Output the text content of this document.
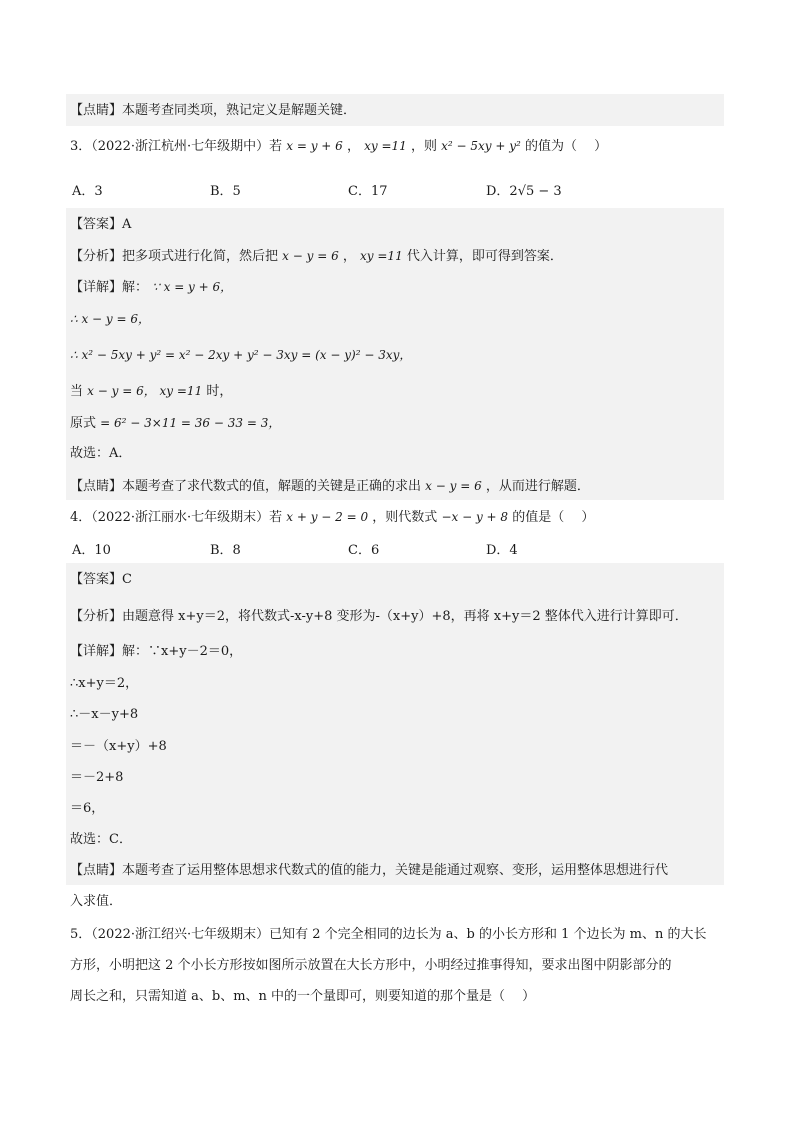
【点睛】本题考查同类项，熟记定义是解题关键．
3．（2022·浙江杭州·七年级期中）若 x = y + 6 ， xy =11 ，则 x² − 5xy + y² 的值为（　 ）
A．3	B．5	C．17	D．2√5 − 3
【答案】A
【分析】把多项式进行化简，然后把 x − y = 6 ， xy =11 代入计算，即可得到答案．
【详解】解： ∵ x = y + 6，
∴ x − y = 6，
∴ x² − 5xy + y² = x² − 2xy + y² − 3xy = (x − y)² − 3xy，
当 x − y = 6， xy =11 时，
原式 = 6² − 3×11 = 36 − 33 = 3，
故选：A．
【点睛】本题考查了求代数式的值，解题的关键是正确的求出 x − y = 6 ，从而进行解题．
4．（2022·浙江丽水·七年级期末）若 x + y − 2 = 0 ，则代数式 −x − y + 8 的值是（　 ）
A．10	B．8	C．6	D．4
【答案】C
【分析】由题意得 x+y＝2，将代数式-x-y+8 变形为-（x+y）+8，再将 x+y＝2 整体代入进行计算即可．
【详解】解：∵x+y－2＝0，
∴x+y＝2，
∴－x－y+8
＝－（x+y）+8
＝－2+8
＝6，
故选：C．
【点睛】本题考查了运用整体思想求代数式的值的能力，关键是能通过观察、变形，运用整体思想进行代
入求值．
5．（2022·浙江绍兴·七年级期末）已知有 2 个完全相同的边长为 a、b 的小长方形和 1 个边长为 m、n 的大长
方形，小明把这 2 个小长方形按如图所示放置在大长方形中，小明经过推事得知，要求出图中阴影部分的
周长之和，只需知道 a、b、m、n 中的一个量即可，则要知道的那个量是（　 ）
